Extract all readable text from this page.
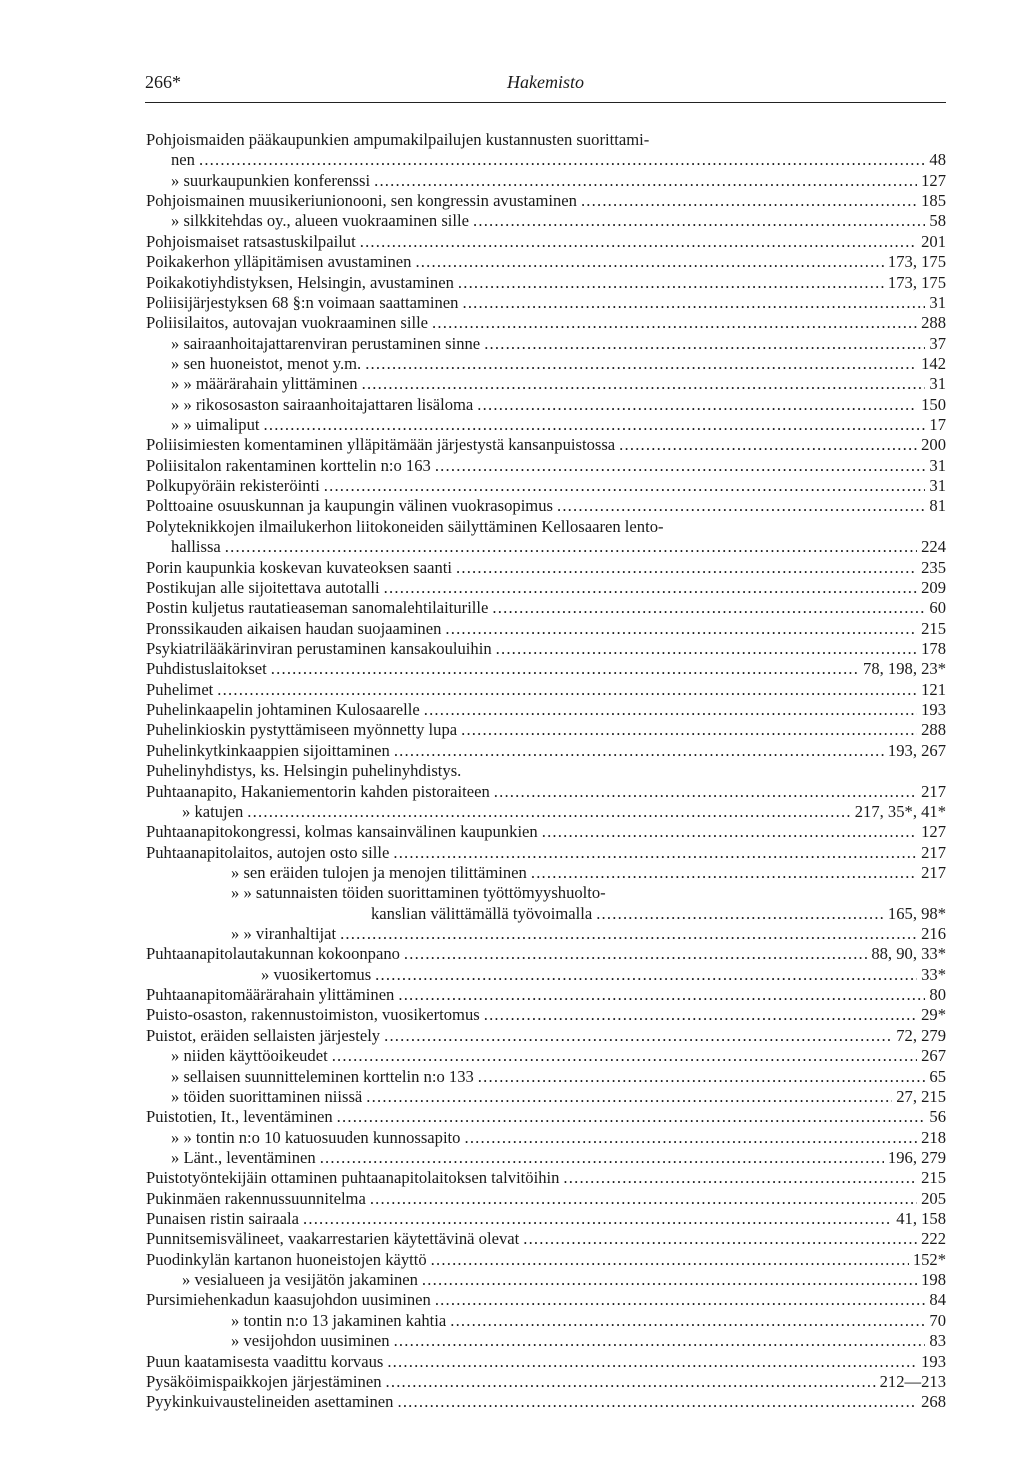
266*	Hakemisto
Pohjoismaiden pääkaupunkien ampumakilpailujen kustannusten suorittami-
nen .....	48
» suurkaupunkien konferenssi .....	127
Pohjoismainen muusikeriunionooni, sen kongressin avustaminen .....	185
» silkkitehdas oy., alueen vuokraaminen sille .....	58
Pohjoismaiset ratsastuskilpailut .....	201
Poikakerhon ylläpitämisen avustaminen .....	173, 175
Poikakotiyhdistyksen, Helsingin, avustaminen .....	173, 175
Poliisijärjestyksen 68 §:n voimaan saattaminen .....	31
Poliisilaitos, autovajan vuokraaminen sille .....	288
» sairaanhoitajattarenviran perustaminen sinne .....	37
» sen huoneistot, menot y.m. .....	142
» » määrärahain ylittäminen .....	31
» » rikososaston sairaanhoitajattaren lisäloma .....	150
» » uimaliput .....	17
Poliisimiesten komentaminen ylläpitämään järjestystä kansanpuistossa .....	200
Poliisitalon rakentaminen korttelin n:o 163 .....	31
Polkupyöräin rekisteröinti .....	31
Polttoaine osuuskunnan ja kaupungin välinen vuokrasopimus .....	81
Polyteknikkojen ilmailukerhon liitokoneiden säilyttäminen Kellosaaren lento-
hallissa .....	224
Porin kaupunkia koskevan kuvateoksen saanti .....	235
Postikujan alle sijoitettava autotalli .....	209
Postin kuljetus rautatieaseman sanomalehtilaiturille .....	60
Pronssikauden aikaisen haudan suojaaminen .....	215
Psykiatrilääkärinviran perustaminen kansakouluihin .....	178
Puhdistuslaitokset .....	78, 198, 23*
Puhelimet .....	121
Puhelinkaapelin johtaminen Kulosaarelle .....	193
Puhelinkioskin pystyttämiseen myönnetty lupa .....	288
Puhelinkytkinkaappien sijoittaminen .....	193, 267
Puhelinyhdistys, ks. Helsingin puhelinyhdistys.
Puhtaanapito, Hakaniementorin kahden pistoraiteen .....	217
» katujen .....	217, 35*, 41*
Puhtaanapitokongressi, kolmas kansainvälinen kaupunkien .....	127
Puhtaanapitolaitos, autojen osto sille .....	217
» sen eräiden tulojen ja menojen tilittäminen .....	217
» » satunnaisten töiden suorittaminen työttömyyshuolto-
kanslian välittämällä työvoimalla .....	165, 98*
» » viranhaltijat .....	216
Puhtaanapitolautakunnan kokoonpano .....	88, 90, 33*
» vuosikertomus .....	33*
Puhtaanapitomäärärahain ylittäminen .....	80
Puisto-osaston, rakennustoimiston, vuosikertomus .....	29*
Puistot, eräiden sellaisten järjestely .....	72, 279
» niiden käyttöoikeudet .....	267
» sellaisen suunnitteleminen korttelin n:o 133 .....	65
» töiden suorittaminen niissä .....	27, 215
Puistotien, It., leventäminen .....	56
» » tontin n:o 10 katuosuuden kunnossapito .....	218
» Länt., leventäminen .....	196, 279
Puistotyöntekijäin ottaminen puhtaanapitolaitoksen talvitöihin .....	215
Pukinmäen rakennussuunnitelma .....	205
Punaisen ristin sairaala .....	41, 158
Punnitsemisvälineet, vaakarrestarien käytettävinä olevat .....	222
Puodinkylän kartanon huoneistojen käyttö .....	152*
» vesialueen ja vesijätön jakaminen .....	198
Pursimiehenkadun kaasujohdon uusiminen .....	84
» tontin n:o 13 jakaminen kahtia .....	70
» vesijohdon uusiminen .....	83
Puun kaatamisesta vaadittu korvaus .....	193
Pysäköimispaikkojen järjestäminen .....	212—213
Pyykinkuivaustelineiden asettaminen .....	268
